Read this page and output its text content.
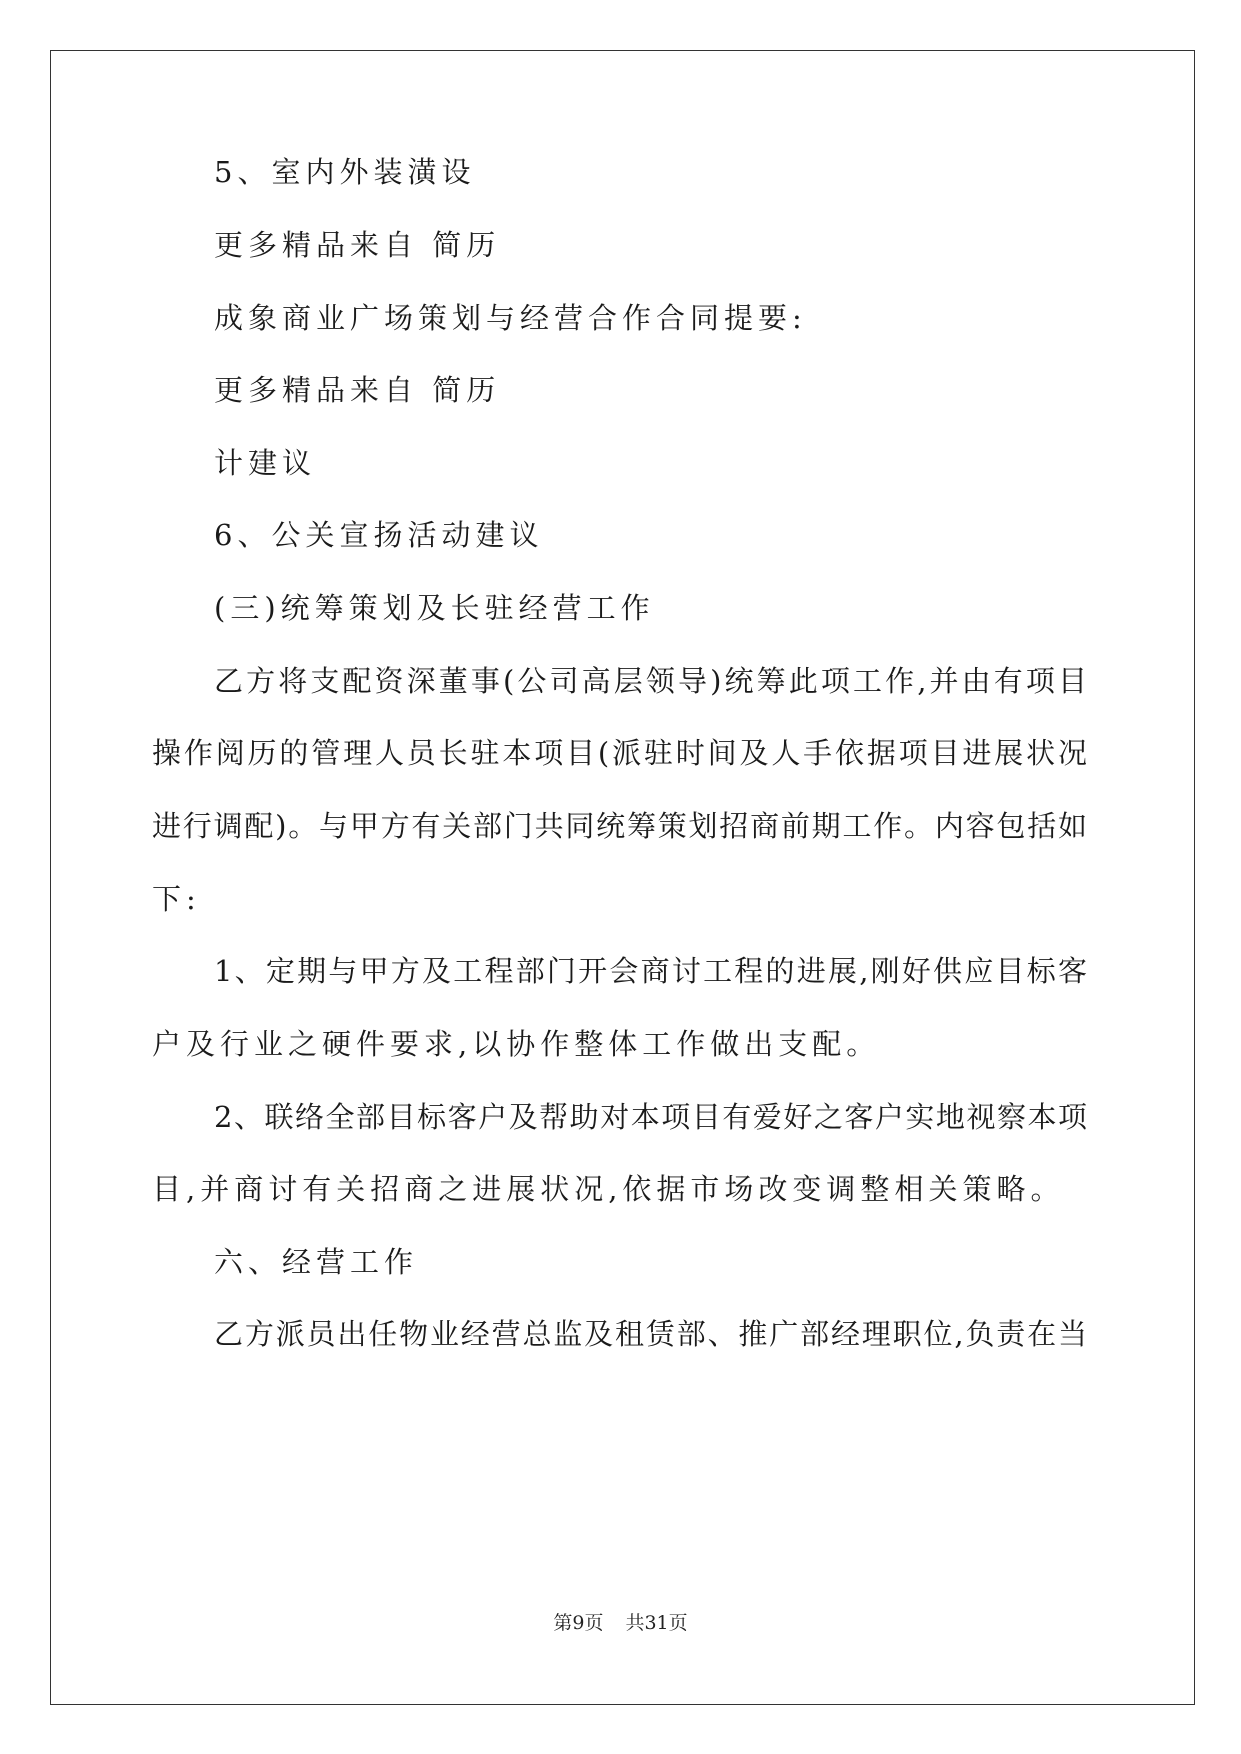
5、室内外装潢设
更多精品来自 简历
成象商业广场策划与经营合作合同提要:
更多精品来自 简历
计建议
6、公关宣扬活动建议
(三)统筹策划及长驻经营工作
乙方将支配资深董事(公司高层领导)统筹此项工作,并由有项目
操作阅历的管理人员长驻本项目(派驻时间及人手依据项目进展状况
进行调配)。与甲方有关部门共同统筹策划招商前期工作。内容包括如
下:
1、定期与甲方及工程部门开会商讨工程的进展,刚好供应目标客
户及行业之硬件要求,以协作整体工作做出支配。
2、联络全部目标客户及帮助对本项目有爱好之客户实地视察本项
目,并商讨有关招商之进展状况,依据市场改变调整相关策略。
六、经营工作
乙方派员出任物业经营总监及租赁部、推广部经理职位,负责在当
第9页 共31页
